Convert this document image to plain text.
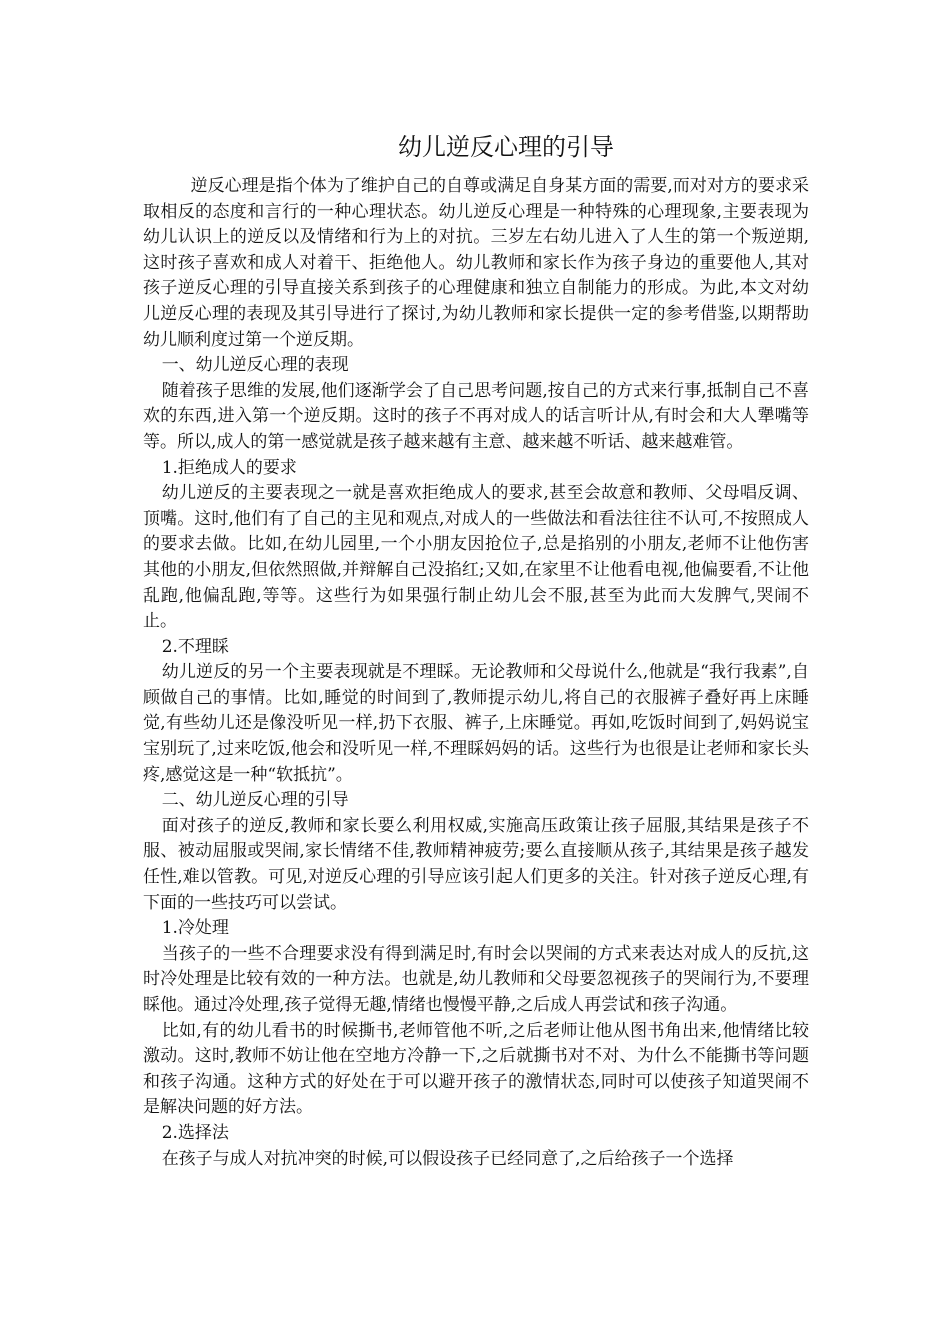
幼儿逆反心理的引导

逆反心理是指个体为了维护自己的自尊或满足自身某方面的需要,而对对方的要求采取相反的态度和言行的一种心理状态。幼儿逆反心理是一种特殊的心理现象,主要表现为幼儿认识上的逆反以及情绪和行为上的对抗。三岁左右幼儿进入了人生的第一个叛逆期,这时孩子喜欢和成人对着干、拒绝他人。幼儿教师和家长作为孩子身边的重要他人,其对孩子逆反心理的引导直接关系到孩子的心理健康和独立自制能力的形成。为此,本文对幼儿逆反心理的表现及其引导进行了探讨,为幼儿教师和家长提供一定的参考借鉴,以期帮助幼儿顺利度过第一个逆反期。

一、幼儿逆反心理的表现

随着孩子思维的发展,他们逐渐学会了自己思考问题,按自己的方式来行事,抵制自己不喜欢的东西,进入第一个逆反期。这时的孩子不再对成人的话言听计从,有时会和大人犟嘴等等。所以,成人的第一感觉就是孩子越来越有主意、越来越不听话、越来越难管。

1.拒绝成人的要求

幼儿逆反的主要表现之一就是喜欢拒绝成人的要求,甚至会故意和教师、父母唱反调、顶嘴。这时,他们有了自己的主见和观点,对成人的一些做法和看法往往不认可,不按照成人的要求去做。比如,在幼儿园里,一个小朋友因抢位子,总是掐别的小朋友,老师不让他伤害其他的小朋友,但依然照做,并辩解自己没掐红;又如,在家里不让他看电视,他偏要看,不让他乱跑,他偏乱跑,等等。这些行为如果强行制止幼儿会不服,甚至为此而大发脾气,哭闹不止。

2.不理睬

幼儿逆反的另一个主要表现就是不理睬。无论教师和父母说什么,他就是“我行我素”,自顾做自己的事情。比如,睡觉的时间到了,教师提示幼儿,将自己的衣服裤子叠好再上床睡觉,有些幼儿还是像没听见一样,扔下衣服、裤子,上床睡觉。再如,吃饭时间到了,妈妈说宝宝别玩了,过来吃饭,他会和没听见一样,不理睬妈妈的话。这些行为也很是让老师和家长头疼,感觉这是一种“软抵抗”。

二、幼儿逆反心理的引导

面对孩子的逆反,教师和家长要么利用权威,实施高压政策让孩子屈服,其结果是孩子不服、被动屈服或哭闹,家长情绪不佳,教师精神疲劳;要么直接顺从孩子,其结果是孩子越发任性,难以管教。可见,对逆反心理的引导应该引起人们更多的关注。针对孩子逆反心理,有下面的一些技巧可以尝试。

1.冷处理

当孩子的一些不合理要求没有得到满足时,有时会以哭闹的方式来表达对成人的反抗,这时冷处理是比较有效的一种方法。也就是,幼儿教师和父母要忽视孩子的哭闹行为,不要理睬他。通过冷处理,孩子觉得无趣,情绪也慢慢平静,之后成人再尝试和孩子沟通。

比如,有的幼儿看书的时候撕书,老师管他不听,之后老师让他从图书角出来,他情绪比较激动。这时,教师不妨让他在空地方冷静一下,之后就撕书对不对、为什么不能撕书等问题和孩子沟通。这种方式的好处在于可以避开孩子的激情状态,同时可以使孩子知道哭闹不是解决问题的好方法。

2.选择法

在孩子与成人对抗冲突的时候,可以假设孩子已经同意了,之后给孩子一个选择
